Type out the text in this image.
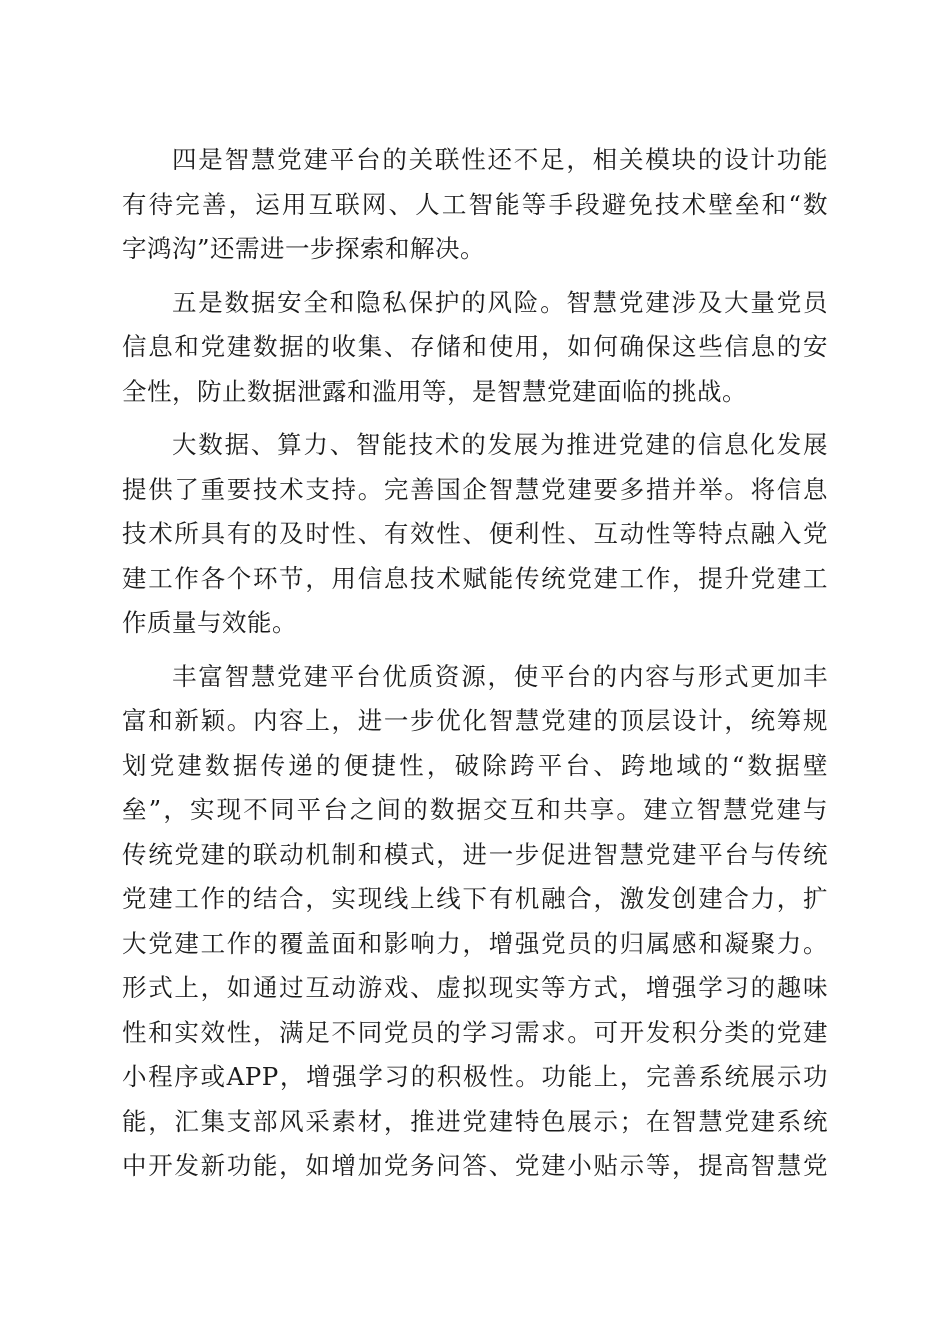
四是智慧党建平台的关联性还不足，相关模块的设计功能
有待完善，运用互联网、人工智能等手段避免技术壁垒和“数
字鸿沟”还需进一步探索和解决。
五是数据安全和隐私保护的风险。智慧党建涉及大量党员
信息和党建数据的收集、存储和使用，如何确保这些信息的安
全性，防止数据泄露和滥用等，是智慧党建面临的挑战。
大数据、算力、智能技术的发展为推进党建的信息化发展
提供了重要技术支持。完善国企智慧党建要多措并举。将信息
技术所具有的及时性、有效性、便利性、互动性等特点融入党
建工作各个环节，用信息技术赋能传统党建工作，提升党建工
作质量与效能。
丰富智慧党建平台优质资源，使平台的内容与形式更加丰
富和新颖。内容上，进一步优化智慧党建的顶层设计，统筹规
划党建数据传递的便捷性，破除跨平台、跨地域的“数据壁
垒”，实现不同平台之间的数据交互和共享。建立智慧党建与
传统党建的联动机制和模式，进一步促进智慧党建平台与传统
党建工作的结合，实现线上线下有机融合，激发创建合力，扩
大党建工作的覆盖面和影响力，增强党员的归属感和凝聚力。
形式上，如通过互动游戏、虚拟现实等方式，增强学习的趣味
性和实效性，满足不同党员的学习需求。可开发积分类的党建
小程序或APP，增强学习的积极性。功能上，完善系统展示功
能，汇集支部风采素材，推进党建特色展示；在智慧党建系统
中开发新功能，如增加党务问答、党建小贴示等，提高智慧党
